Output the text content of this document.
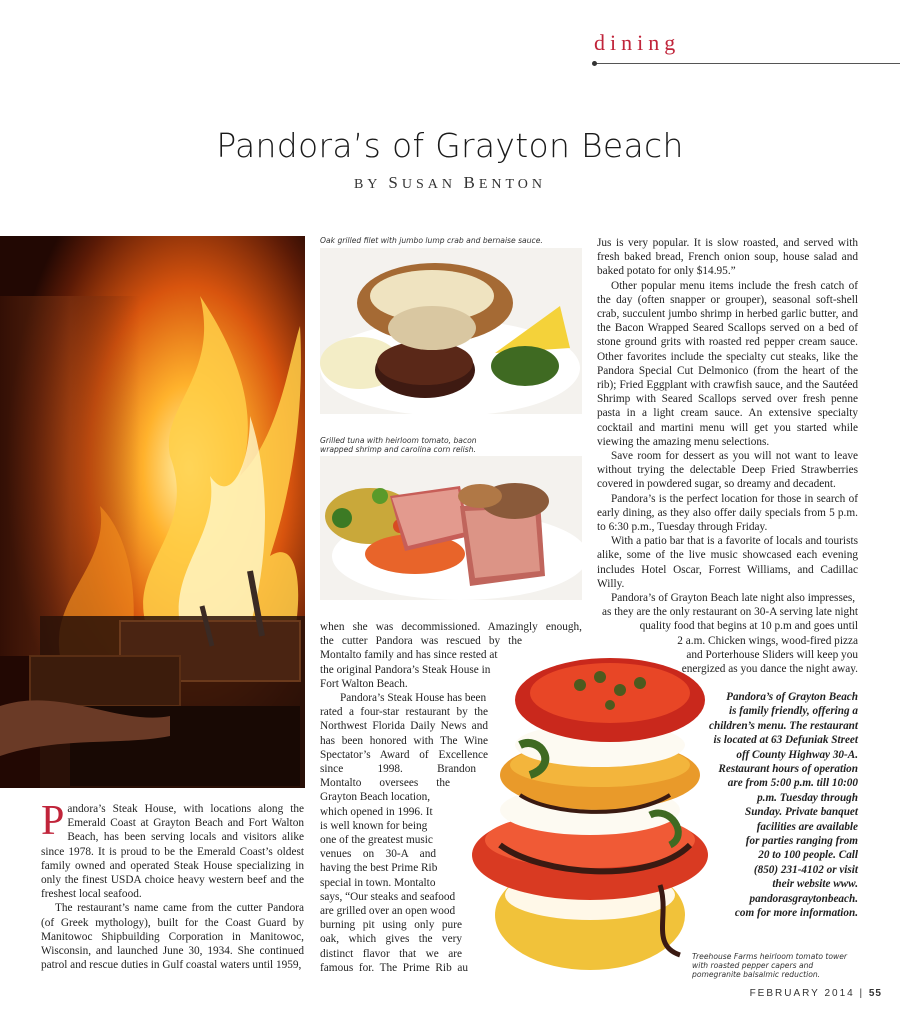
dining
Pandora’s of Grayton Beach
BY SUSAN BENTON
Oak grilled filet with jumbo lump crab and bernaise sauce.
Grilled tuna with heirloom tomato, bacon wrapped shrimp and carolina corn relish.

Pandora’s Steak House, with locations along the Emerald Coast at Grayton Beach and Fort Walton Beach, has been serving locals and visitors alike since 1978. It is proud to be the Emerald Coast’s oldest family owned and operated Steak House specializing in only the finest USDA choice heavy western beef and the freshest local seafood.

The restaurant’s name came from the cutter Pandora (of Greek mythology), built for the Coast Guard by Manitowoc Shipbuilding Corporation in Manitowoc, Wisconsin, and launched June 30, 1934. She continued patrol and rescue duties in Gulf coastal waters until 1959,

when she was decommissioned. Amazingly enough,
the cutter Pandora was rescued by the
Montalto family and has since rested at
the original Pandora’s Steak House in
Fort Walton Beach.
Pandora’s Steak House has been
rated a four-star restaurant by the
Northwest Florida Daily News and
has been honored with The Wine
Spectator’s Award of Excellence
since 1998. Brandon
Montalto oversees the
Grayton Beach location,
which opened in 1996. It
is well known for being
one of the greatest music
venues on 30-A and
having the best Prime Rib
special in town. Montalto
says, “Our steaks and seafood
are grilled over an open wood
burning pit using only pure
oak, which gives the very
distinct flavor that we are
famous for. The Prime Rib au

Jus is very popular. It is slow roasted, and served with fresh baked bread, French onion soup, house salad and baked potato for only $14.95.”

Other popular menu items include the fresh catch of the day (often snapper or grouper), seasonal soft-shell crab, succulent jumbo shrimp in herbed garlic butter, and the Bacon Wrapped Seared Scallops served on a bed of stone ground grits with roasted red pepper cream sauce. Other favorites include the specialty cut steaks, like the Pandora Special Cut Delmonico (from the heart of the rib); Fried Eggplant with crawfish sauce, and the Sautéed Shrimp with Seared Scallops served over fresh penne pasta in a light cream sauce. An extensive specialty cocktail and martini menu will get you started while viewing the amazing menu selections.

Save room for dessert as you will not want to leave without trying the delectable Deep Fried Strawberries covered in powdered sugar, so dreamy and decadent.

Pandora’s is the perfect location for those in search of early dining, as they also offer daily specials from 5 p.m. to 6:30 p.m., Tuesday through Friday.

With a patio bar that is a favorite of locals and tourists alike, some of the live music showcased each evening includes Hotel Oscar, Forrest Williams, and Cadillac Willy.

Pandora’s of Grayton Beach late night also impresses,
as they are the only restaurant on 30-A serving late night
quality food that begins at 10 p.m and goes until
2 a.m. Chicken wings, wood-fired pizza
and Porterhouse Sliders will keep you
energized as you dance the night away.
Pandora’s of Grayton Beach
is family friendly, offering a
children’s menu. The restaurant
is located at 63 Defuniak Street
off County Highway 30-A.
Restaurant hours of operation
are from 5:00 p.m. till 10:00
p.m. Tuesday through
Sunday. Private banquet
facilities are available
for parties ranging from
20 to 100 people. Call
(850) 231-4102 or visit
their website www.
pandorasgraytonbeach.
com for more information.
Treehouse Farms heirloom tomato tower with roasted pepper capers and pomegranite balsalmic reduction.
FEBRUARY 2014 | 55
